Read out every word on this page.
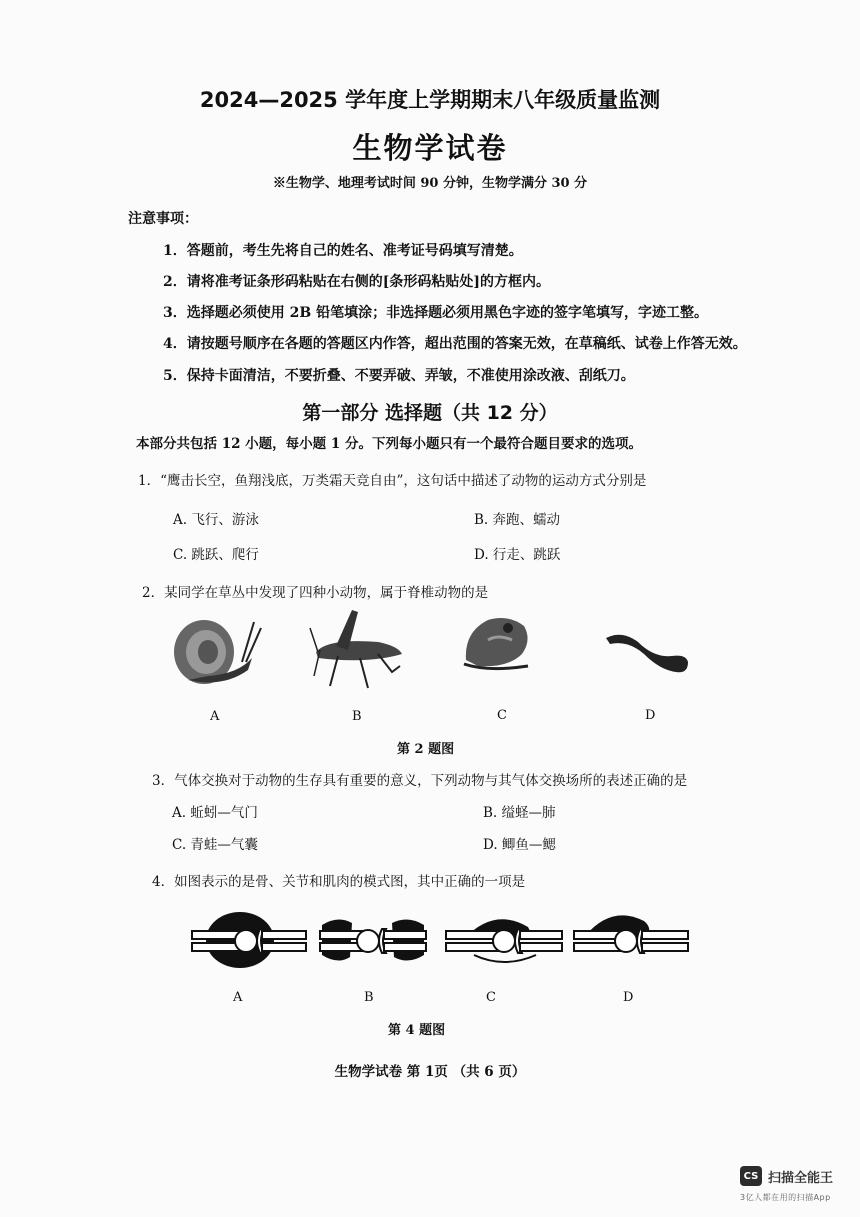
2024—2025 学年度上学期期末八年级质量监测
生物学试卷
※生物学、地理考试时间 90 分钟，生物学满分 30 分
注意事项：
1．答题前，考生先将自己的姓名、准考证号码填写清楚。
2．请将准考证条形码粘贴在右侧的[条形码粘贴处]的方框内。
3．选择题必须使用 2B 铅笔填涂；非选择题必须用黑色字迹的签字笔填写，字迹工整。
4．请按题号顺序在各题的答题区内作答，超出范围的答案无效，在草稿纸、试卷上作答无效。
5．保持卡面清洁，不要折叠、不要弄破、弄皱，不准使用涂改液、刮纸刀。
第一部分 选择题（共 12 分）
本部分共包括 12 小题，每小题 1 分。下列每小题只有一个最符合题目要求的选项。
1．“鹰击长空，鱼翔浅底，万类霜天竞自由”，这句话中描述了动物的运动方式分别是
A. 飞行、游泳	B. 奔跑、蠕动
C. 跳跃、爬行	D. 行走、跳跃
2．某同学在草丛中发现了四种小动物，属于脊椎动物的是
A	B	C	D
第 2 题图
3．气体交换对于动物的生存具有重要的意义，下列动物与其气体交换场所的表述正确的是
A. 蚯蚓—气门	B. 缢蛏—肺
C. 青蛙—气囊	D. 鲫鱼—鳃
4．如图表示的是骨、关节和肌肉的模式图，其中正确的一项是
A	B	C	D
第 4 题图
生物学试卷 第 1页 （共 6 页）
CS 扫描全能王
3亿人都在用的扫描App
